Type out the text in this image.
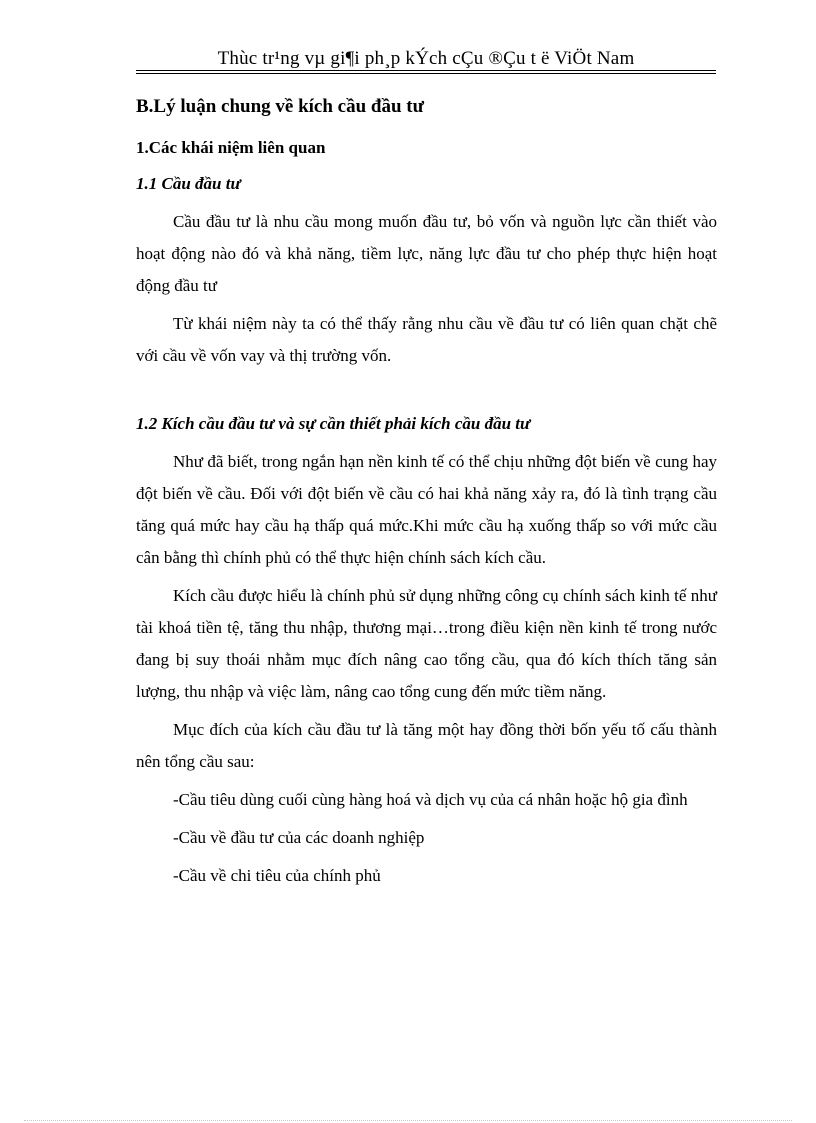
Thùc tr¹ng vµ gi¶i ph¸p kÝch cÇu ®Çu t ë ViÖt Nam
B.Lý luận chung về kích cầu đầu tư
1.Các khái niệm liên quan
1.1 Cầu đầu tư

Cầu đầu tư là nhu cầu mong muốn đầu tư, bỏ vốn và nguồn lực cần thiết vào hoạt động nào đó và khả năng, tiềm lực, năng lực đầu tư cho phép thực hiện hoạt động đầu tư

Từ khái niệm này ta có thể thấy rằng nhu cầu về đầu tư có liên quan chặt chẽ với cầu về vốn vay và thị trường vốn.

1.2 Kích cầu đầu tư và sự cần thiết phải kích cầu đầu tư

Như đã biết, trong ngắn hạn nền kinh tế có thể chịu những đột biến về cung hay đột biến về cầu. Đối với đột biến về cầu có hai khả năng xảy ra, đó là tình trạng cầu tăng quá mức hay cầu hạ thấp quá mức.Khi mức cầu hạ xuống thấp so với mức cầu cân bằng thì chính phủ có thể thực hiện chính sách kích cầu.

Kích cầu được hiểu là chính phủ sử dụng những công cụ chính sách kinh tế như tài khoá tiền tệ, tăng thu nhập, thương mại…trong điều kiện nền kinh tế trong nước đang bị suy thoái nhằm mục đích nâng cao tổng cầu, qua đó kích thích tăng sản lượng, thu nhập và việc làm, nâng cao tổng cung đến mức tiềm năng.

Mục đích của kích cầu đầu tư là tăng một hay đồng thời bốn yếu tố cấu thành nên tổng cầu sau:

-Cầu tiêu dùng cuối cùng hàng hoá và dịch vụ của cá nhân hoặc hộ gia đình

-Cầu về đầu tư của các doanh nghiệp

-Cầu về chi tiêu của chính phủ
